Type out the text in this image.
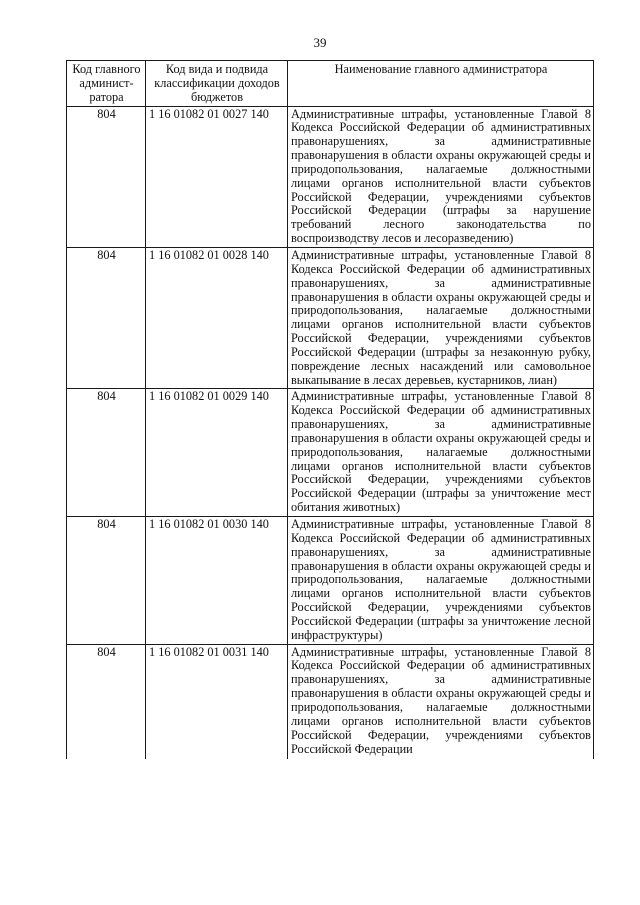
39
Код главного админист-ратора	Код вида и подвида классификации доходов бюджетов	Наименование главного администратора
804	1 16 01082 01 0027 140	Административные штрафы, установленные Главой 8 Кодекса Российской Федерации об административных правонарушениях, за административные правонарушения в области охраны окружающей среды и природопользования, налагаемые должностными лицами органов исполнительной власти субъектов Российской Федерации, учреждениями субъектов Российской Федерации (штрафы за нарушение требований лесного законодательства по воспроизводству лесов и лесоразведению)
804	1 16 01082 01 0028 140	Административные штрафы, установленные Главой 8 Кодекса Российской Федерации об административных правонарушениях, за административные правонарушения в области охраны окружающей среды и природопользования, налагаемые должностными лицами органов исполнительной власти субъектов Российской Федерации, учреждениями субъектов Российской Федерации (штрафы за незаконную рубку, повреждение лесных насаждений или самовольное выкапывание в лесах деревьев, кустарников, лиан)
804	1 16 01082 01 0029 140	Административные штрафы, установленные Главой 8 Кодекса Российской Федерации об административных правонарушениях, за административные правонарушения в области охраны окружающей среды и природопользования, налагаемые должностными лицами органов исполнительной власти субъектов Российской Федерации, учреждениями субъектов Российской Федерации (штрафы за уничтожение мест обитания животных)
804	1 16 01082 01 0030 140	Административные штрафы, установленные Главой 8 Кодекса Российской Федерации об административных правонарушениях, за административные правонарушения в области охраны окружающей среды и природопользования, налагаемые должностными лицами органов исполнительной власти субъектов Российской Федерации, учреждениями субъектов Российской Федерации (штрафы за уничтожение лесной инфраструктуры)
804	1 16 01082 01 0031 140	Административные штрафы, установленные Главой 8 Кодекса Российской Федерации об административных правонарушениях, за административные правонарушения в области охраны окружающей среды и природопользования, налагаемые должностными лицами органов исполнительной власти субъектов Российской Федерации, учреждениями субъектов Российской Федерации
